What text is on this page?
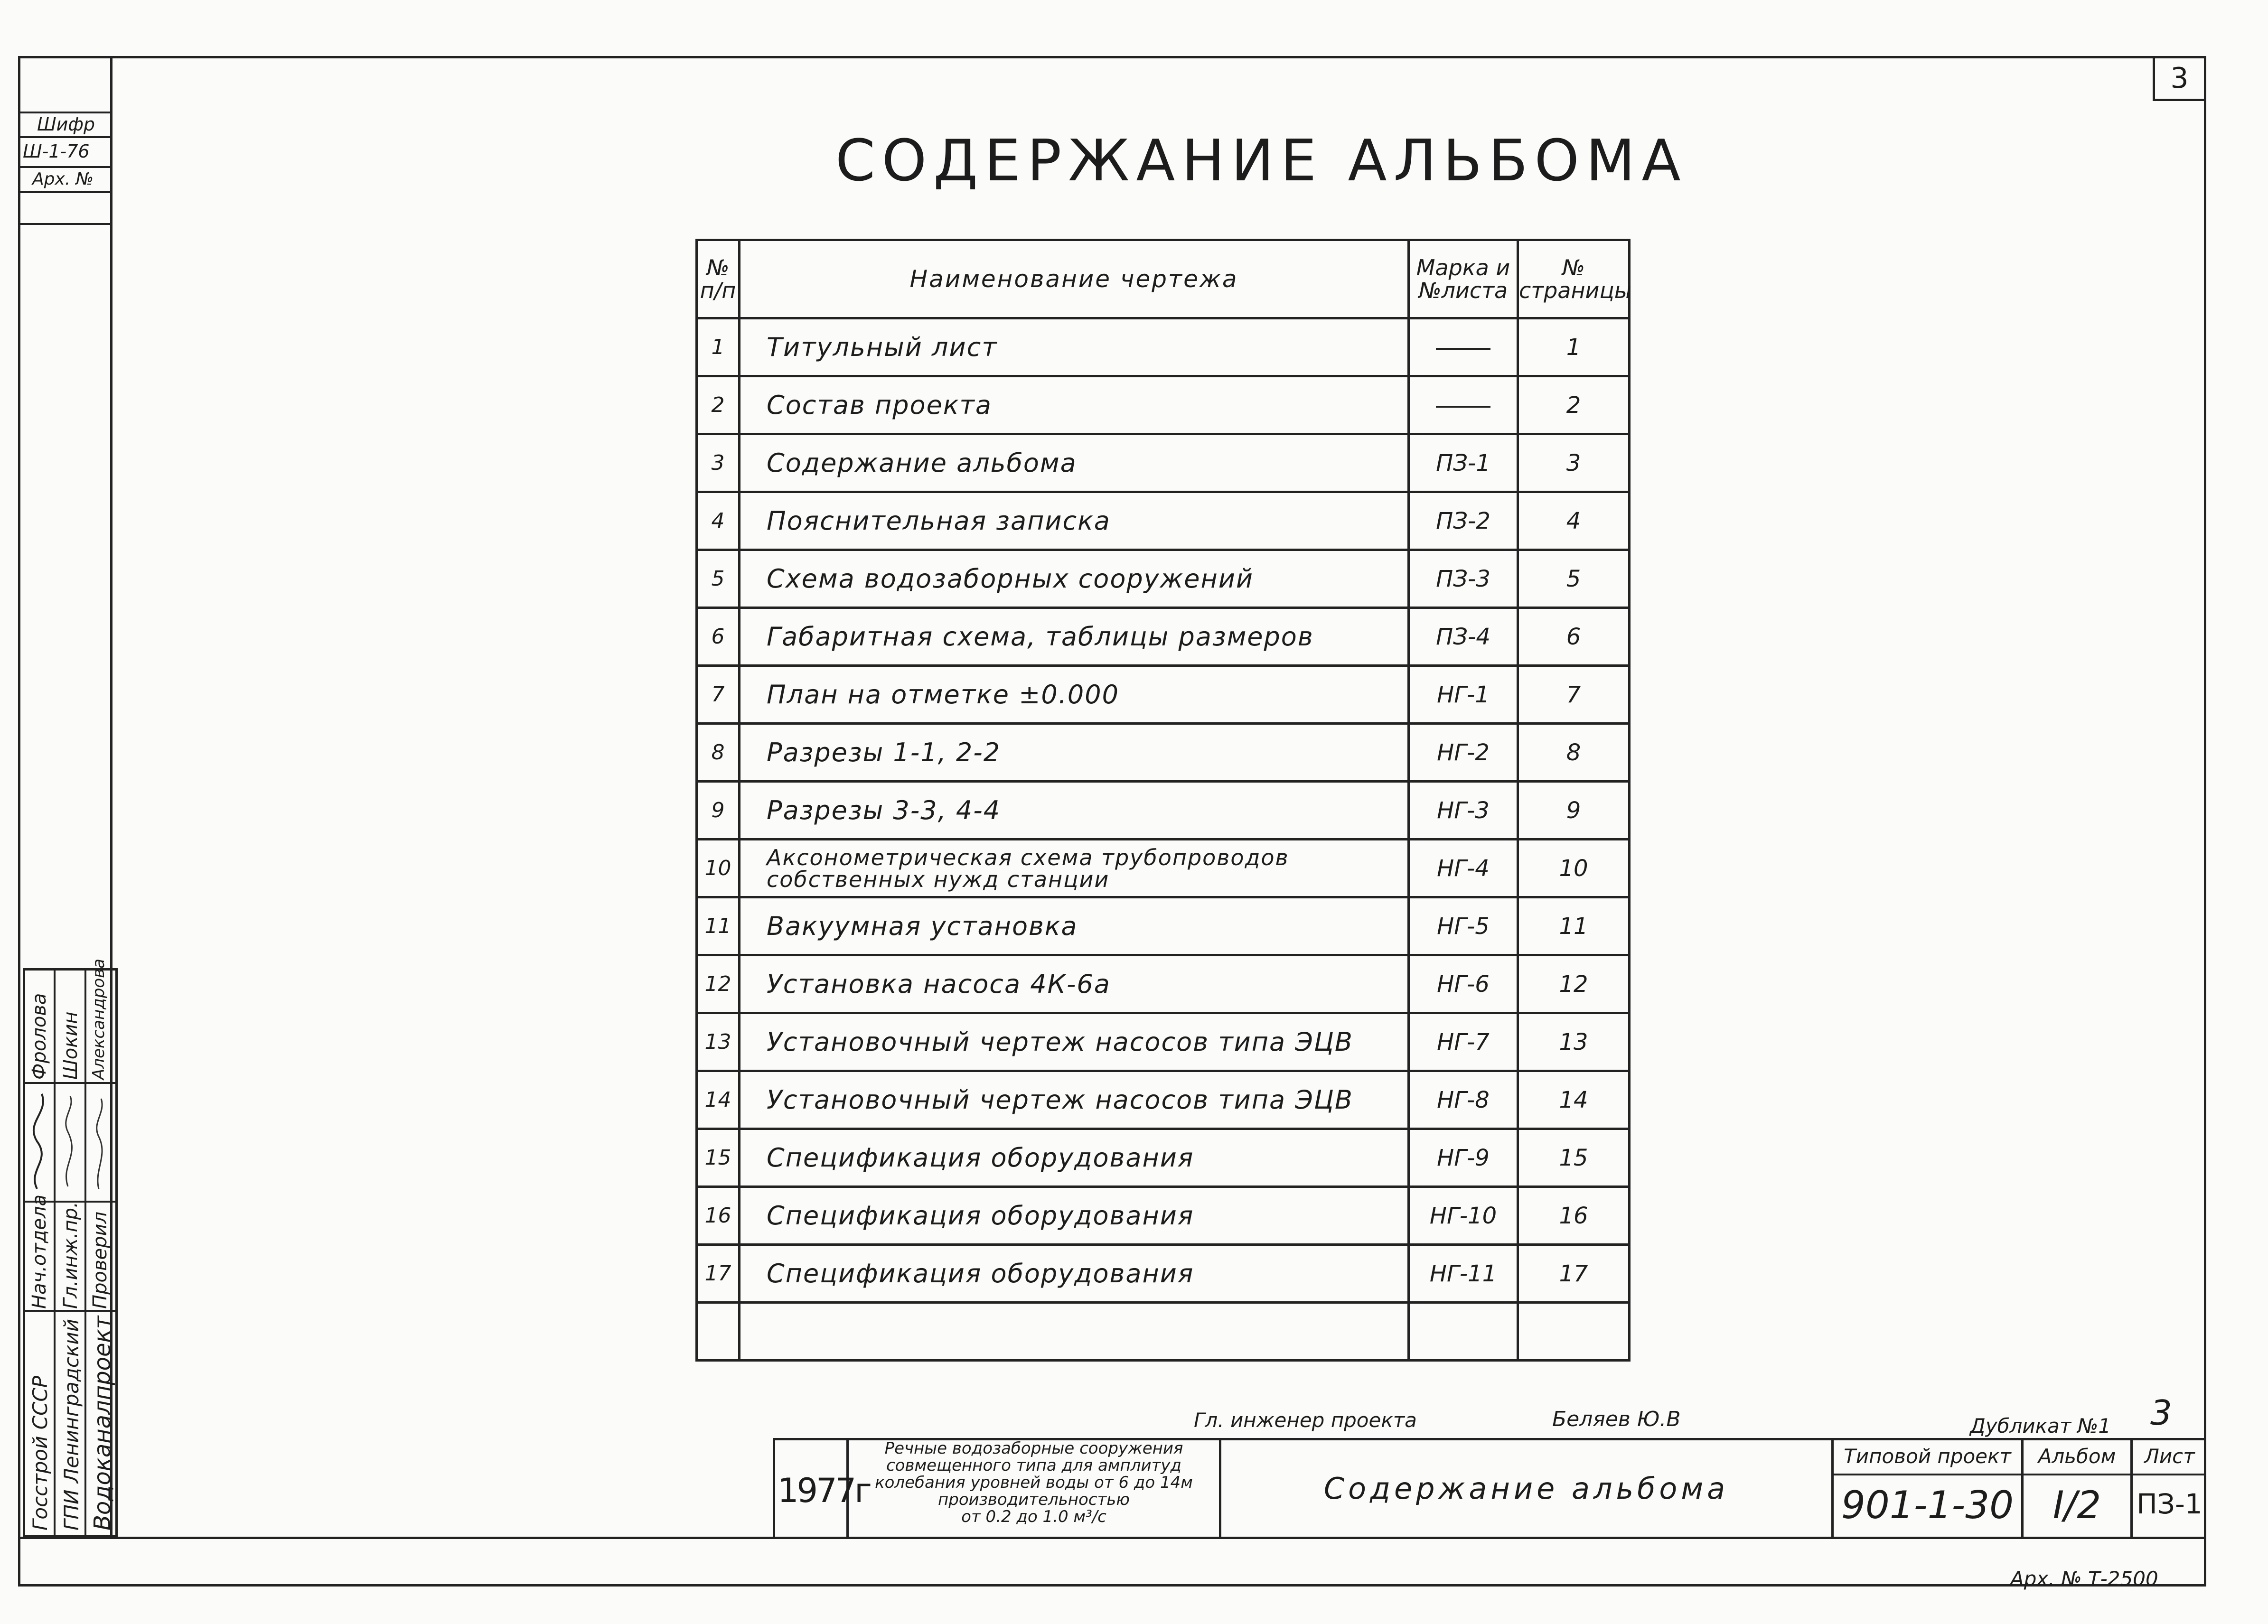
3
Шифр
Ш-1-76
Арх. №	СОДЕРЖАНИЕ АЛЬБОМА
№ п/п	Наименование чертежа	Марка и №листа	№ страницы
1	Титульный лист		1
2	Состав проекта		2
3	Содержание альбома	ПЗ-1	3
4	Пояснительная записка	ПЗ-2	4
5	Схема водозаборных сооружений	ПЗ-3	5
6	Габаритная схема, таблицы размеров	ПЗ-4	6
7	План на отметке ±0.000	НГ-1	7
8	Разрезы 1-1, 2-2	НГ-2	8
9	Разрезы 3-3, 4-4	НГ-3	9
10	Аксонометрическая схема трубопроводов собственных нужд станции	НГ-4	10
11	Вакуумная установка	НГ-5	11
12	Установка насоса 4К-6а	НГ-6	12
13	Установочный чертеж насосов типа ЭЦВ	НГ-7	13
14	Установочный чертеж насосов типа ЭЦВ	НГ-8	14
15	Спецификация оборудования	НГ-9	15
16	Спецификация оборудования	НГ-10	16
17	Спецификация оборудования	НГ-11	17

Фролова Шокин Александрова
Нач.отдела Гл.инж.пр. Проверил
Госстрой СССР ГПИ Ленинградский Водоканалпроект	Гл. инженер проекта	Беляев Ю.В	Дубликат №1 3
1977г
Речные водозаборные сооружения
совмещенного типа для амплитуд
колебания уровней воды от 6 до 14м
производительностью
от 0.2 до 1.0 м³/с
Содержание альбома
Типовой проект
901-1-30
Альбом
I/2
Лист
ПЗ-1
Арх. № Т-2500
